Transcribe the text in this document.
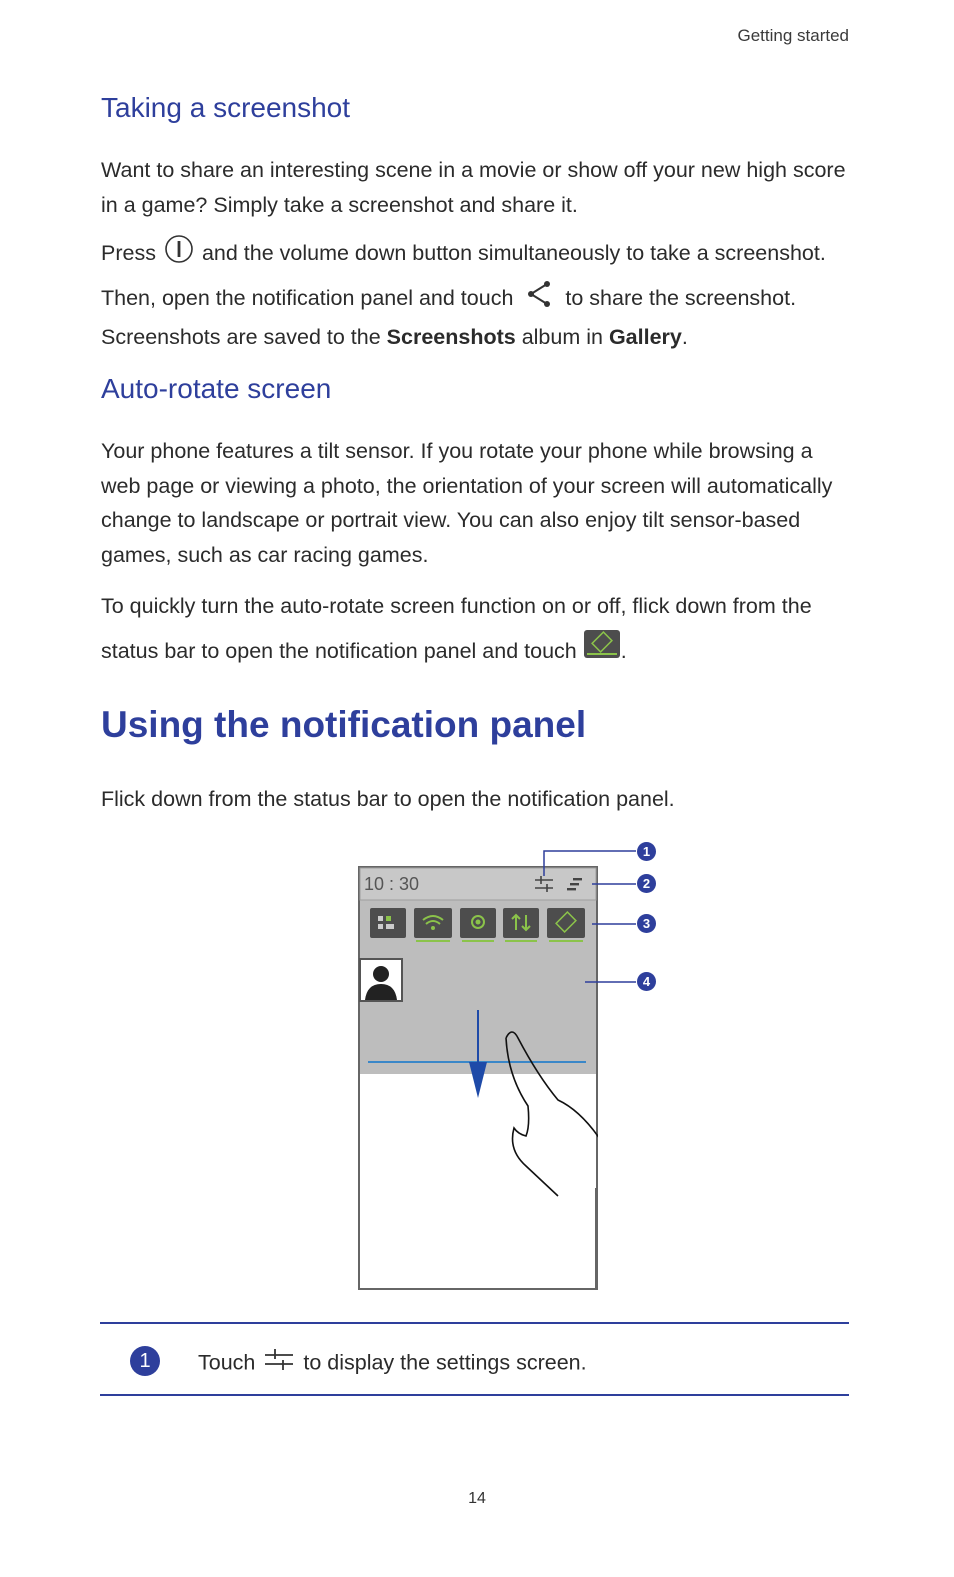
Getting started
Taking a screenshot

Want to share an interesting scene in a movie or show off your new high score in a game? Simply take a screenshot and share it.

Press and the volume down button simultaneously to take a screenshot.

Then, open the notification panel and touch to share the screenshot.
Screenshots are saved to the Screenshots album in Gallery.

Auto-rotate screen

Your phone features a tilt sensor. If you rotate your phone while browsing a web page or viewing a photo, the orientation of your screen will automatically change to landscape or portrait view. You can also enjoy tilt sensor-based games, such as car racing games.

To quickly turn the auto-rotate screen function on or off, flick down from the status bar to open the notification panel and touch .

Using the notification panel

Flick down from the status bar to open the notification panel.

10 : 30
1
2
3
4
1	Touch to display the settings screen.
14
